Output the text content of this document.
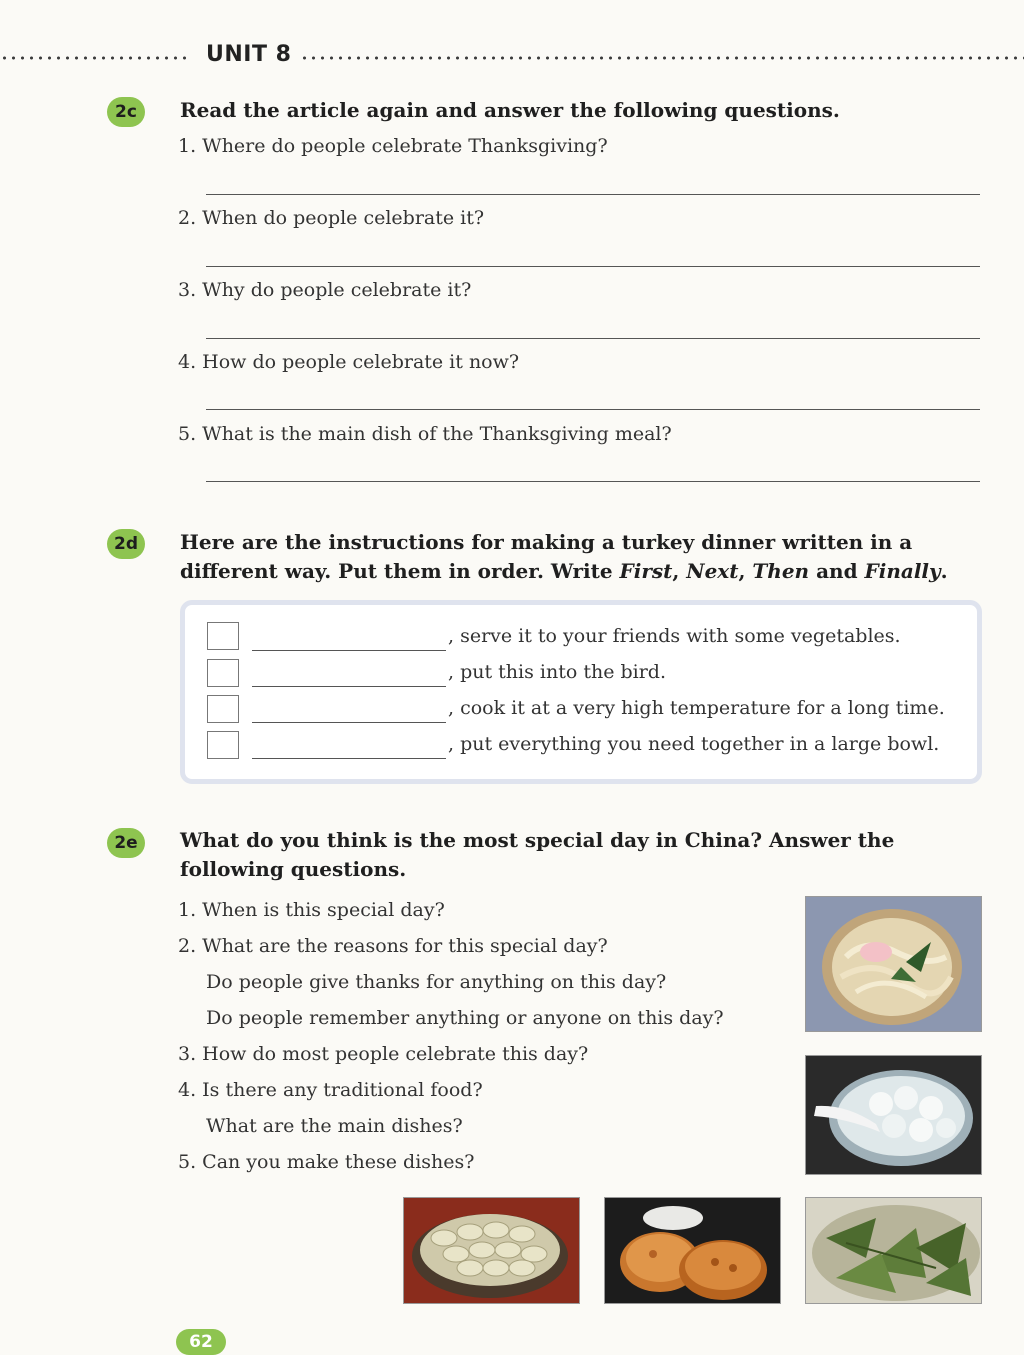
UNIT 8
2c	Read the article again and answer the following questions.
1. Where do people celebrate Thanksgiving?
2. When do people celebrate it?
3. Why do people celebrate it?
4. How do people celebrate it now?
5. What is the main dish of the Thanksgiving meal?
2d	Here are the instructions for making a turkey dinner written in a
different way. Put them in order. Write First, Next, Then and Finally.
, serve it to your friends with some vegetables.
, put this into the bird.
, cook it at a very high temperature for a long time.
, put everything you need together in a large bowl.
2e	What do you think is the most special day in China? Answer the
following questions.
1. When is this special day?
2. What are the reasons for this special day?
Do people give thanks for anything on this day?
Do people remember anything or anyone on this day?
3. How do most people celebrate this day?
4. Is there any traditional food?
What are the main dishes?
5. Can you make these dishes?
62
